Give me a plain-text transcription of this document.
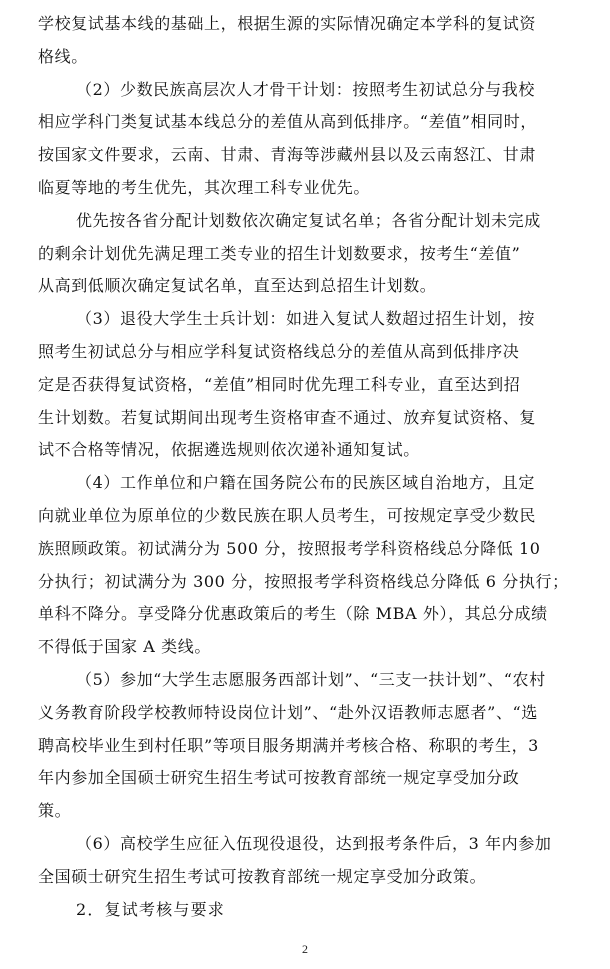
学校复试基本线的基础上，根据生源的实际情况确定本学科的复试资
格线。
（2）少数民族高层次人才骨干计划：按照考生初试总分与我校
相应学科门类复试基本线总分的差值从高到低排序。“差值”相同时，
按国家文件要求，云南、甘肃、青海等涉藏州县以及云南怒江、甘肃
临夏等地的考生优先，其次理工科专业优先。
优先按各省分配计划数依次确定复试名单；各省分配计划未完成
的剩余计划优先满足理工类专业的招生计划数要求，按考生“差值”
从高到低顺次确定复试名单，直至达到总招生计划数。
（3）退役大学生士兵计划：如进入复试人数超过招生计划，按
照考生初试总分与相应学科复试资格线总分的差值从高到低排序决
定是否获得复试资格，“差值”相同时优先理工科专业，直至达到招
生计划数。若复试期间出现考生资格审查不通过、放弃复试资格、复
试不合格等情况，依据遴选规则依次递补通知复试。
（4）工作单位和户籍在国务院公布的民族区域自治地方，且定
向就业单位为原单位的少数民族在职人员考生，可按规定享受少数民
族照顾政策。初试满分为 500 分，按照报考学科资格线总分降低 10
分执行；初试满分为 300 分，按照报考学科资格线总分降低 6 分执行；
单科不降分。享受降分优惠政策后的考生（除 MBA 外），其总分成绩
不得低于国家 A 类线。
（5）参加“大学生志愿服务西部计划”、“三支一扶计划”、“农村
义务教育阶段学校教师特设岗位计划”、“赴外汉语教师志愿者”、“选
聘高校毕业生到村任职”等项目服务期满并考核合格、称职的考生，3
年内参加全国硕士研究生招生考试可按教育部统一规定享受加分政
策。
（6）高校学生应征入伍现役退役，达到报考条件后，3 年内参加
全国硕士研究生招生考试可按教育部统一规定享受加分政策。
2．复试考核与要求
2
